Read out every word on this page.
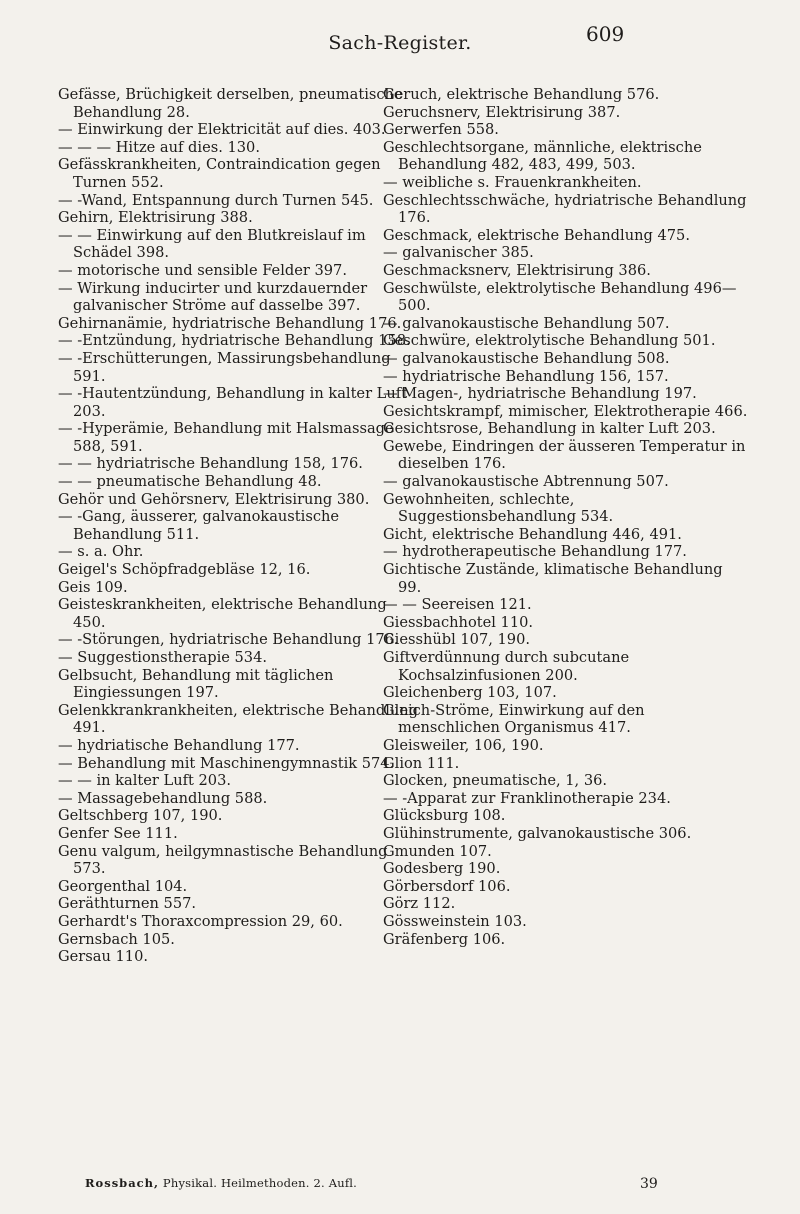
Sach-Register.	609

Gefässe, Brüchigkeit derselben, pneumatische Behandlung 28.

— Einwirkung der Elektricität auf dies. 403.

— — — Hitze auf dies. 130.

Gefässkrankheiten, Contraindication gegen Turnen 552.

— -Wand, Entspannung durch Turnen 545.

Gehirn, Elektrisirung 388.

— — Einwirkung auf den Blutkreislauf im Schädel 398.

— motorische und sensible Felder 397.

— Wirkung inducirter und kurzdauernder galvanischer Ströme auf dasselbe 397.

Gehirnanämie, hydriatrische Behandlung 176.

— -Entzündung, hydriatrische Behandlung 158.

— -Erschütterungen, Massirungsbehandlung 591.

— -Hautentzündung, Behandlung in kalter Luft 203.

— -Hyperämie, Behandlung mit Halsmassage 588, 591.

— — hydriatrische Behandlung 158, 176.

— — pneumatische Behandlung 48.

Gehör und Gehörsnerv, Elektrisirung 380.

— -Gang, äusserer, galvanokaustische Behandlung 511.

— s. a. Ohr.

Geigel's Schöpfradgebläse 12, 16.

Geis 109.

Geisteskrankheiten, elektrische Behandlung 450.

— -Störungen, hydriatrische Behandlung 176.

— Suggestionstherapie 534.

Gelbsucht, Behandlung mit täglichen Eingiessungen 197.

Gelenkkrankrankheiten, elektrische Behandlung 491.

— hydriatische Behandlung 177.

— Behandlung mit Maschinengymnastik 574.

— — in kalter Luft 203.

— Massagebehandlung 588.

Geltschberg 107, 190.

Genfer See 111.

Genu valgum, heilgymnastische Behandlung 573.

Georgenthal 104.

Geräthturnen 557.

Gerhardt's Thoraxcompression 29, 60.

Gernsbach 105.

Gersau 110.

Geruch, elektrische Behandlung 576.

Geruchsnerv, Elektrisirung 387.

Gerwerfen 558.

Geschlechtsorgane, männliche, elektrische Behandlung 482, 483, 499, 503.

— weibliche s. Frauenkrankheiten.

Geschlechtsschwäche, hydriatrische Behandlung 176.

Geschmack, elektrische Behandlung 475.

— galvanischer 385.

Geschmacksnerv, Elektrisirung 386.

Geschwülste, elektrolytische Behandlung 496—500.

— galvanokaustische Behandlung 507.

Geschwüre, elektrolytische Behandlung 501.

— galvanokaustische Behandlung 508.

— hydriatrische Behandlung 156, 157.

— Magen-, hydriatrische Behandlung 197.

Gesichtskrampf, mimischer, Elektrotherapie 466.

Gesichtsrose, Behandlung in kalter Luft 203.

Gewebe, Eindringen der äusseren Temperatur in dieselben 176.

— galvanokaustische Abtrennung 507.

Gewohnheiten, schlechte, Suggestionsbehandlung 534.

Gicht, elektrische Behandlung 446, 491.

— hydrotherapeutische Behandlung 177.

Gichtische Zustände, klimatische Behandlung 99.

— — Seereisen 121.

Giessbachhotel 110.

Giesshübl 107, 190.

Giftverdünnung durch subcutane Kochsalzinfusionen 200.

Gleichenberg 103, 107.

Gleich-Ströme, Einwirkung auf den menschlichen Organismus 417.

Gleisweiler, 106, 190.

Glion 111.

Glocken, pneumatische, 1, 36.

— -Apparat zur Franklinotherapie 234.

Glücksburg 108.

Glühinstrumente, galvanokaustische 306.

Gmunden 107.

Godesberg 190.

Görbersdorf 106.

Görz 112.

Gössweinstein 103.

Gräfenberg 106.

Rossbach, Physikal. Heilmethoden. 2. Aufl.	39
